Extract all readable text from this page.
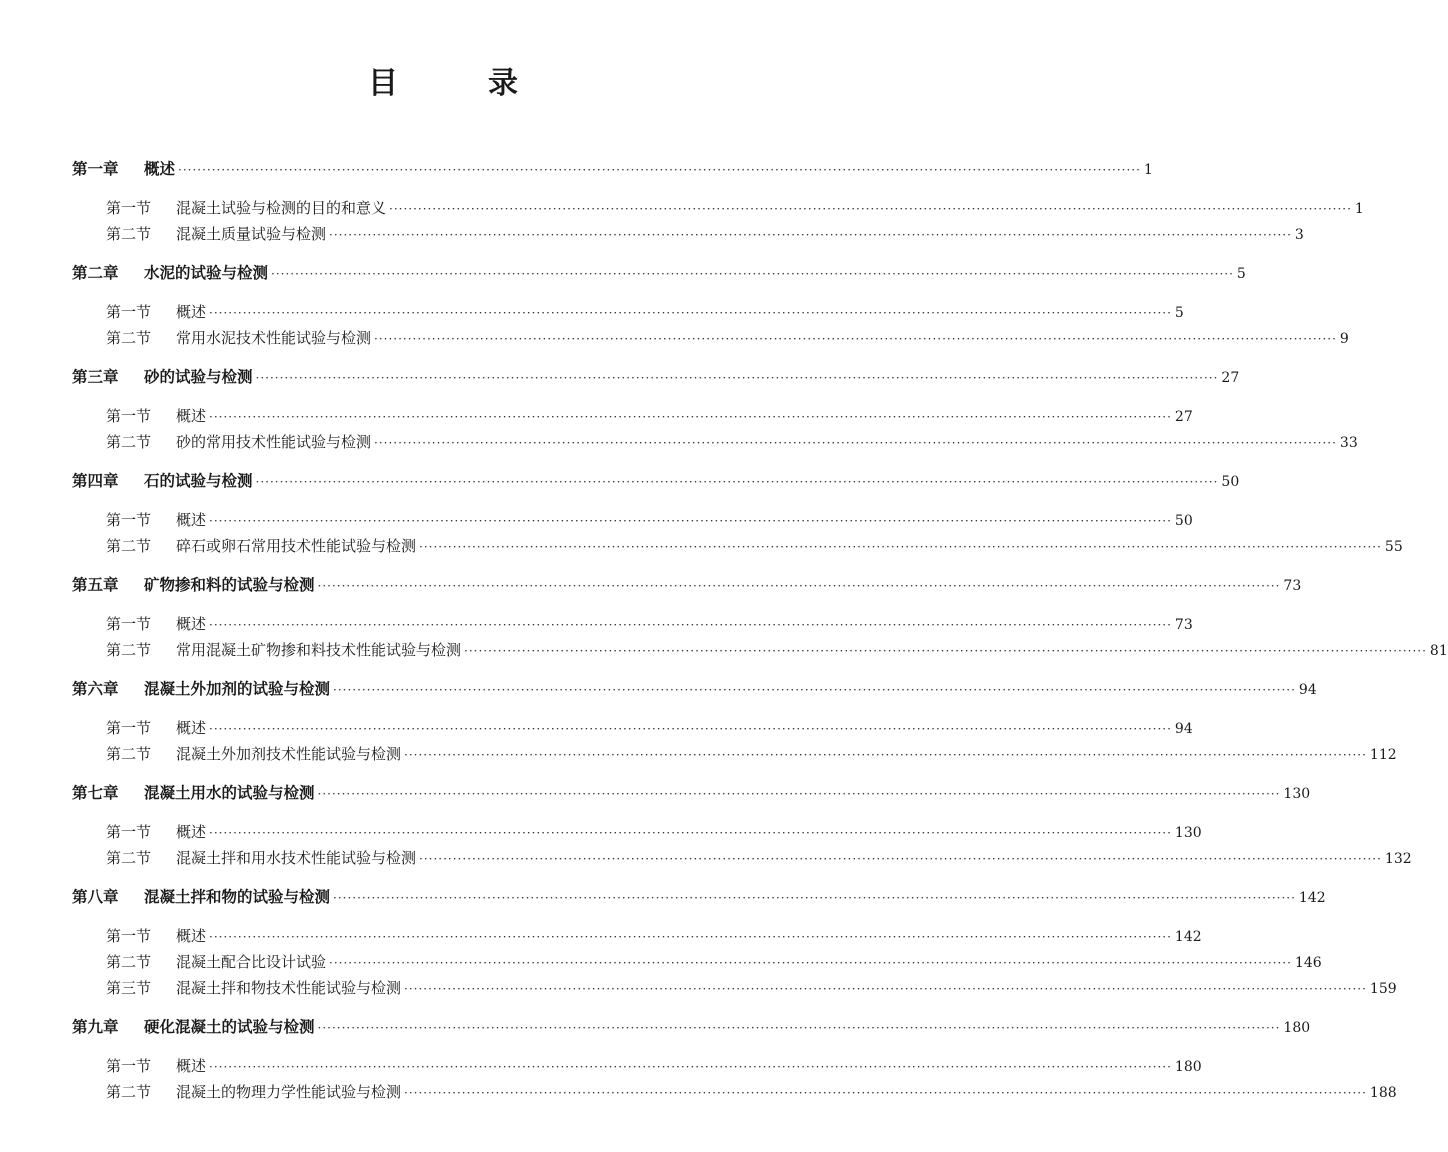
目　录
第一章	概述 ········································································································································································································ 1
第一节	混凝土试验与检测的目的和意义 ········································································································································································································ 1
第二节	混凝土质量试验与检测 ········································································································································································································ 3
第二章	水泥的试验与检测 ········································································································································································································ 5
第一节	概述 ········································································································································································································ 5
第二节	常用水泥技术性能试验与检测 ········································································································································································································ 9
第三章	砂的试验与检测 ········································································································································································································ 27
第一节	概述 ········································································································································································································ 27
第二节	砂的常用技术性能试验与检测 ········································································································································································································ 33
第四章	石的试验与检测 ········································································································································································································ 50
第一节	概述 ········································································································································································································ 50
第二节	碎石或卵石常用技术性能试验与检测 ········································································································································································································ 55
第五章	矿物掺和料的试验与检测 ········································································································································································································ 73
第一节	概述 ········································································································································································································ 73
第二节	常用混凝土矿物掺和料技术性能试验与检测 ········································································································································································································ 81
第六章	混凝土外加剂的试验与检测 ········································································································································································································ 94
第一节	概述 ········································································································································································································ 94
第二节	混凝土外加剂技术性能试验与检测 ········································································································································································································ 112
第七章	混凝土用水的试验与检测 ········································································································································································································ 130
第一节	概述 ········································································································································································································ 130
第二节	混凝土拌和用水技术性能试验与检测 ········································································································································································································ 132
第八章	混凝土拌和物的试验与检测 ········································································································································································································ 142
第一节	概述 ········································································································································································································ 142
第二节	混凝土配合比设计试验 ········································································································································································································ 146
第三节	混凝土拌和物技术性能试验与检测 ········································································································································································································ 159
第九章	硬化混凝土的试验与检测 ········································································································································································································ 180
第一节	概述 ········································································································································································································ 180
第二节	混凝土的物理力学性能试验与检测 ········································································································································································································ 188
